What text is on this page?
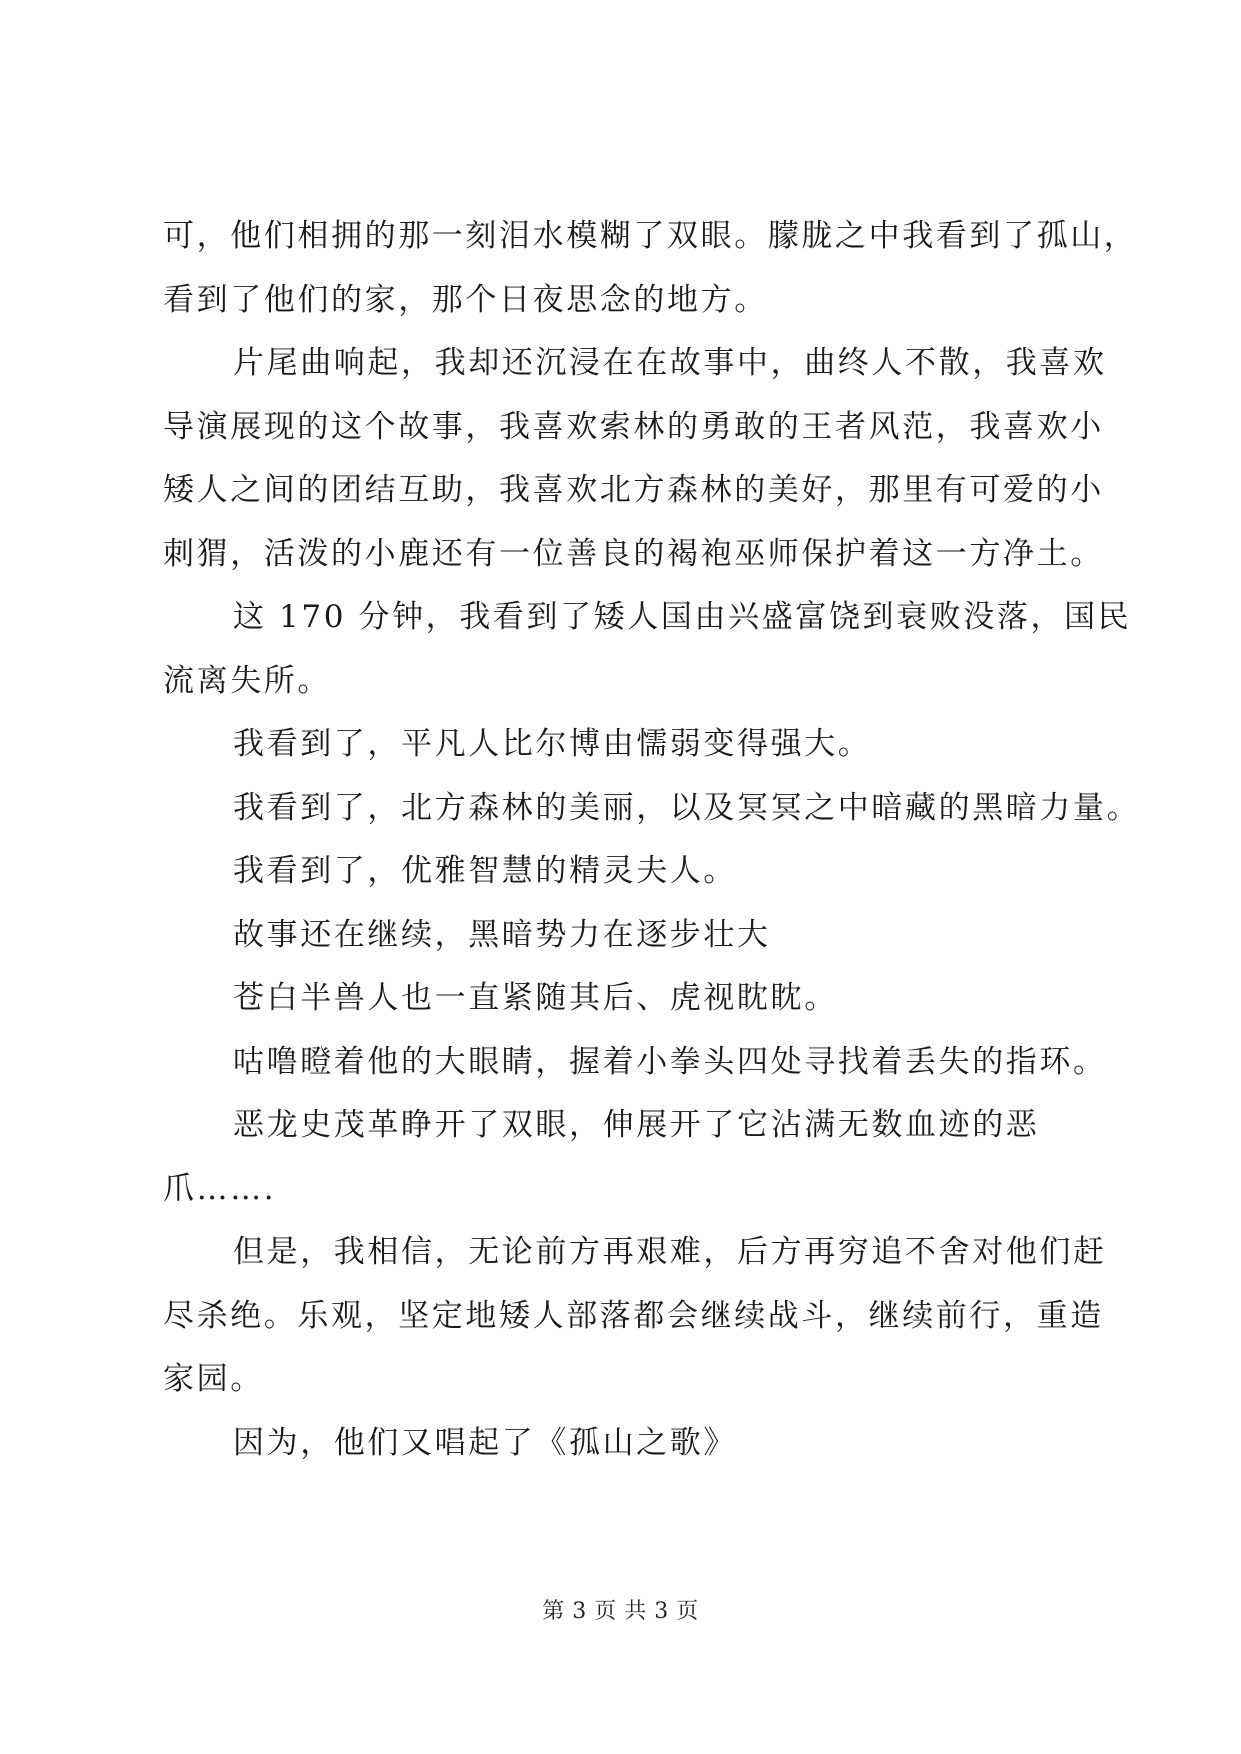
可，他们相拥的那一刻泪水模糊了双眼。朦胧之中我看到了孤山，
看到了他们的家，那个日夜思念的地方。
片尾曲响起，我却还沉浸在在故事中，曲终人不散，我喜欢
导演展现的这个故事，我喜欢索林的勇敢的王者风范，我喜欢小
矮人之间的团结互助，我喜欢北方森林的美好，那里有可爱的小
刺猬，活泼的小鹿还有一位善良的褐袍巫师保护着这一方净土。
这 170 分钟，我看到了矮人国由兴盛富饶到衰败没落，国民
流离失所。
我看到了，平凡人比尔博由懦弱变得强大。
我看到了，北方森林的美丽，以及冥冥之中暗藏的黑暗力量。
我看到了，优雅智慧的精灵夫人。
故事还在继续，黑暗势力在逐步壮大
苍白半兽人也一直紧随其后、虎视眈眈。
咕噜瞪着他的大眼睛，握着小拳头四处寻找着丢失的指环。
恶龙史茂革睁开了双眼，伸展开了它沾满无数血迹的恶
爪…….
但是，我相信，无论前方再艰难，后方再穷追不舍对他们赶
尽杀绝。乐观，坚定地矮人部落都会继续战斗，继续前行，重造
家园。
因为，他们又唱起了《孤山之歌》
第 3 页 共 3 页
